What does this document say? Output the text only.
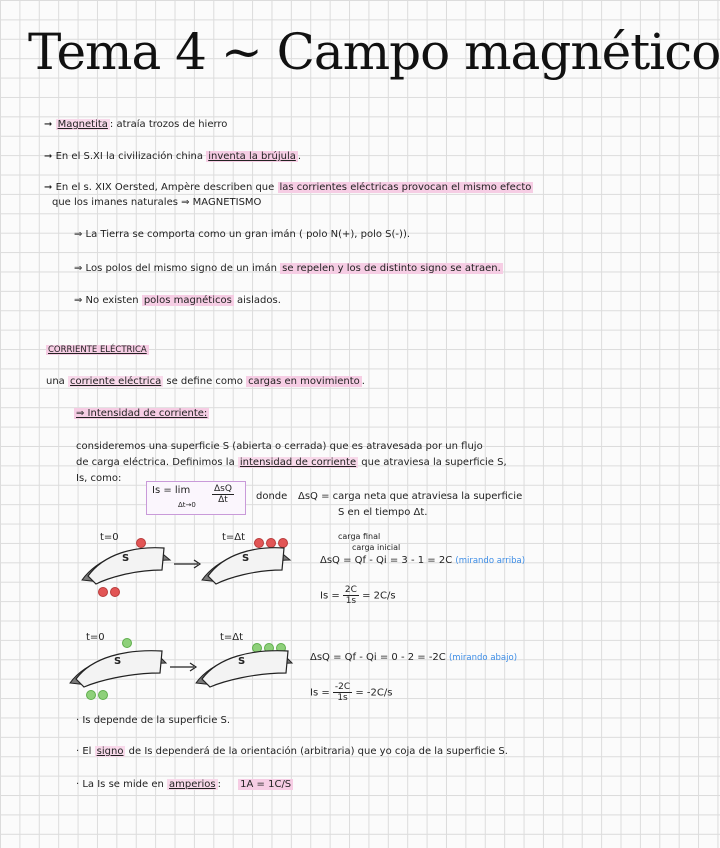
Tema 4 ~ Campo magnético
➞ Magnetita : atraía trozos de hierro
➞ En el S.XI la civilización china inventa la brújula .
➞ En el s. XIX Oersted, Ampère describen que las corrientes eléctricas provocan el mismo efecto
que los imanes naturales ⇒ MAGNETISMO
⇒ La Tierra se comporta como un gran imán ( polo N(+), polo S(-)).
⇒ Los polos del mismo signo de un imán se repelen y los de distinto signo se atraen.
⇒ No existen polos magnéticos aislados.
CORRIENTE ELÉCTRICA
una corriente eléctrica se define como cargas en movimiento .
⇒ Intensidad de corriente:
consideremos una superficie S (abierta o cerrada) que es atravesada por un flujo
de carga eléctrica. Definimos la intensidad de corriente que atraviesa la superficie S,
Is, como:
Is = lim
Δt→0
ΔsQ
Δt	donde ΔsQ = carga neta que atraviesa la superficie
S en el tiempo Δt.
t=0	t=Δt
S	S
carga final
carga inicial
ΔsQ = Qf - Qi = 3 - 1 = 2C (mirando arriba)
$Is = \frac{2C}{1s} = 2C/s$
t=0	t=Δt
S	S	ΔsQ = Qf - Qi = 0 - 2 = -2C (mirando abajo)
$Is = \frac{-2C}{1s} = -2C/s$
· Is depende de la superficie S.
· El signo de Is dependerá de la orientación (arbitraria) que yo coja de la superficie S.
· La Is se mide en amperios : 1A = 1C/S
